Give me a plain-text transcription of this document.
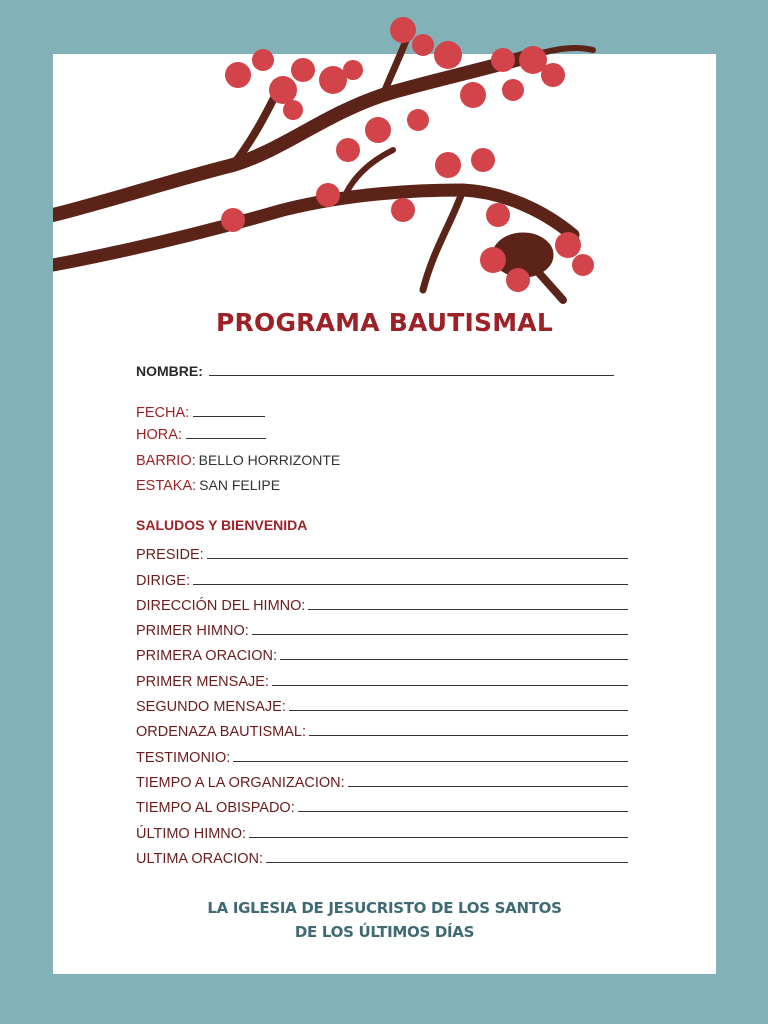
PROGRAMA BAUTISMAL
NOMBRE:
FECHA:
HORA:
BARRIO: BELLO HORRIZONTE
ESTAKA: SAN FELIPE
SALUDOS Y BIENVENIDA
PRESIDE:
DIRIGE:
DIRECCIÓN DEL HIMNO:
PRIMER HIMNO:
PRIMERA ORACION:
PRIMER MENSAJE:
SEGUNDO MENSAJE:
ORDENAZA BAUTISMAL:
TESTIMONIO:
TIEMPO A LA ORGANIZACION:
TIEMPO AL OBISPADO:
ÚLTIMO HIMNO:
ULTIMA ORACION:
LA IGLESIA DE JESUCRISTO DE LOS SANTOS
DE LOS ÚLTIMOS DÍAS
